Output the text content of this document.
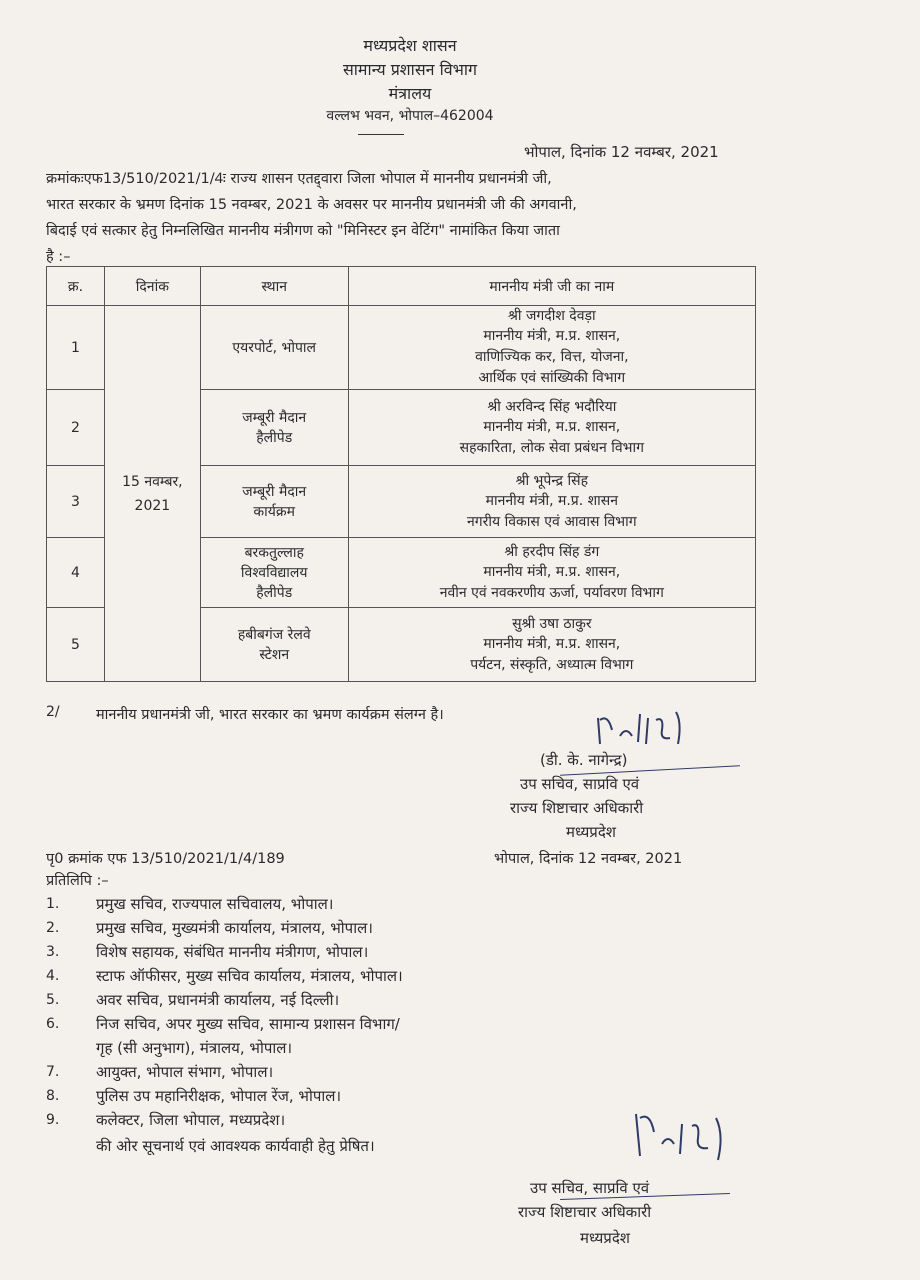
मध्यप्रदेश शासन
सामान्य प्रशासन विभाग
मंत्रालय
वल्लभ भवन, भोपाल–462004
भोपाल, दिनांक 12 नवम्बर, 2021
क्रमांकःएफ13/510/2021/1/4ः राज्य शासन एतद्द्वारा जिला भोपाल में माननीय प्रधानमंत्री जी,
भारत सरकार के भ्रमण दिनांक 15 नवम्बर, 2021 के अवसर पर माननीय प्रधानमंत्री जी की अगवानी,
बिदाई एवं सत्कार हेतु निम्नलिखित माननीय मंत्रीगण को "मिनिस्टर इन वेटिंग" नामांकित किया जाता
है :–
क्र.	दिनांक	स्थान	माननीय मंत्री जी का नाम
1	15 नवम्बर,
2021	एयरपोर्ट, भोपाल	श्री जगदीश देवड़ा
माननीय मंत्री, म.प्र. शासन,
वाणिज्यिक कर, वित्त, योजना,
आर्थिक एवं सांख्यिकी विभाग

2		जम्बूरी मैदान
हैलीपेड	श्री अरविन्द सिंह भदौरिया
माननीय मंत्री, म.प्र. शासन,
सहकारिता, लोक सेवा प्रबंधन विभाग

3		जम्बूरी मैदान
कार्यक्रम	श्री भूपेन्द्र सिंह
माननीय मंत्री, म.प्र. शासन
नगरीय विकास एवं आवास विभाग

4		बरकतुल्लाह
विश्वविद्यालय
हैलीपेड	श्री हरदीप सिंह डंग
माननीय मंत्री, म.प्र. शासन,
नवीन एवं नवकरणीय ऊर्जा, पर्यावरण विभाग

5		हबीबगंज रेलवे
स्टेशन	सुश्री उषा ठाकुर
माननीय मंत्री, म.प्र. शासन,
पर्यटन, संस्कृति, अध्यात्म विभाग
2/	माननीय प्रधानमंत्री जी, भारत सरकार का भ्रमण कार्यक्रम संलग्न है।
(डी. के. नागेन्द्र)
उप सचिव, साप्रवि एवं
राज्य शिष्टाचार अधिकारी
मध्यप्रदेश
पृ0 क्रमांक एफ 13/510/2021/1/4/189	भोपाल, दिनांक 12 नवम्बर, 2021
प्रतिलिपि :–
1. प्रमुख सचिव, राज्यपाल सचिवालय, भोपाल।
2. प्रमुख सचिव, मुख्यमंत्री कार्यालय, मंत्रालय, भोपाल।
3. विशेष सहायक, संबंधित माननीय मंत्रीगण, भोपाल।
4. स्टाफ ऑफीसर, मुख्य सचिव कार्यालय, मंत्रालय, भोपाल।
5. अवर सचिव, प्रधानमंत्री कार्यालय, नई दिल्ली।
6. निज सचिव, अपर मुख्य सचिव, सामान्य प्रशासन विभाग/
गृह (सी अनुभाग), मंत्रालय, भोपाल।
7. आयुक्त, भोपाल संभाग, भोपाल।
8. पुलिस उप महानिरीक्षक, भोपाल रेंज, भोपाल।
9. कलेक्टर, जिला भोपाल, मध्यप्रदेश।
की ओर सूचनार्थ एवं आवश्यक कार्यवाही हेतु प्रेषित।
उप सचिव, साप्रवि एवं
राज्य शिष्टाचार अधिकारी
मध्यप्रदेश
